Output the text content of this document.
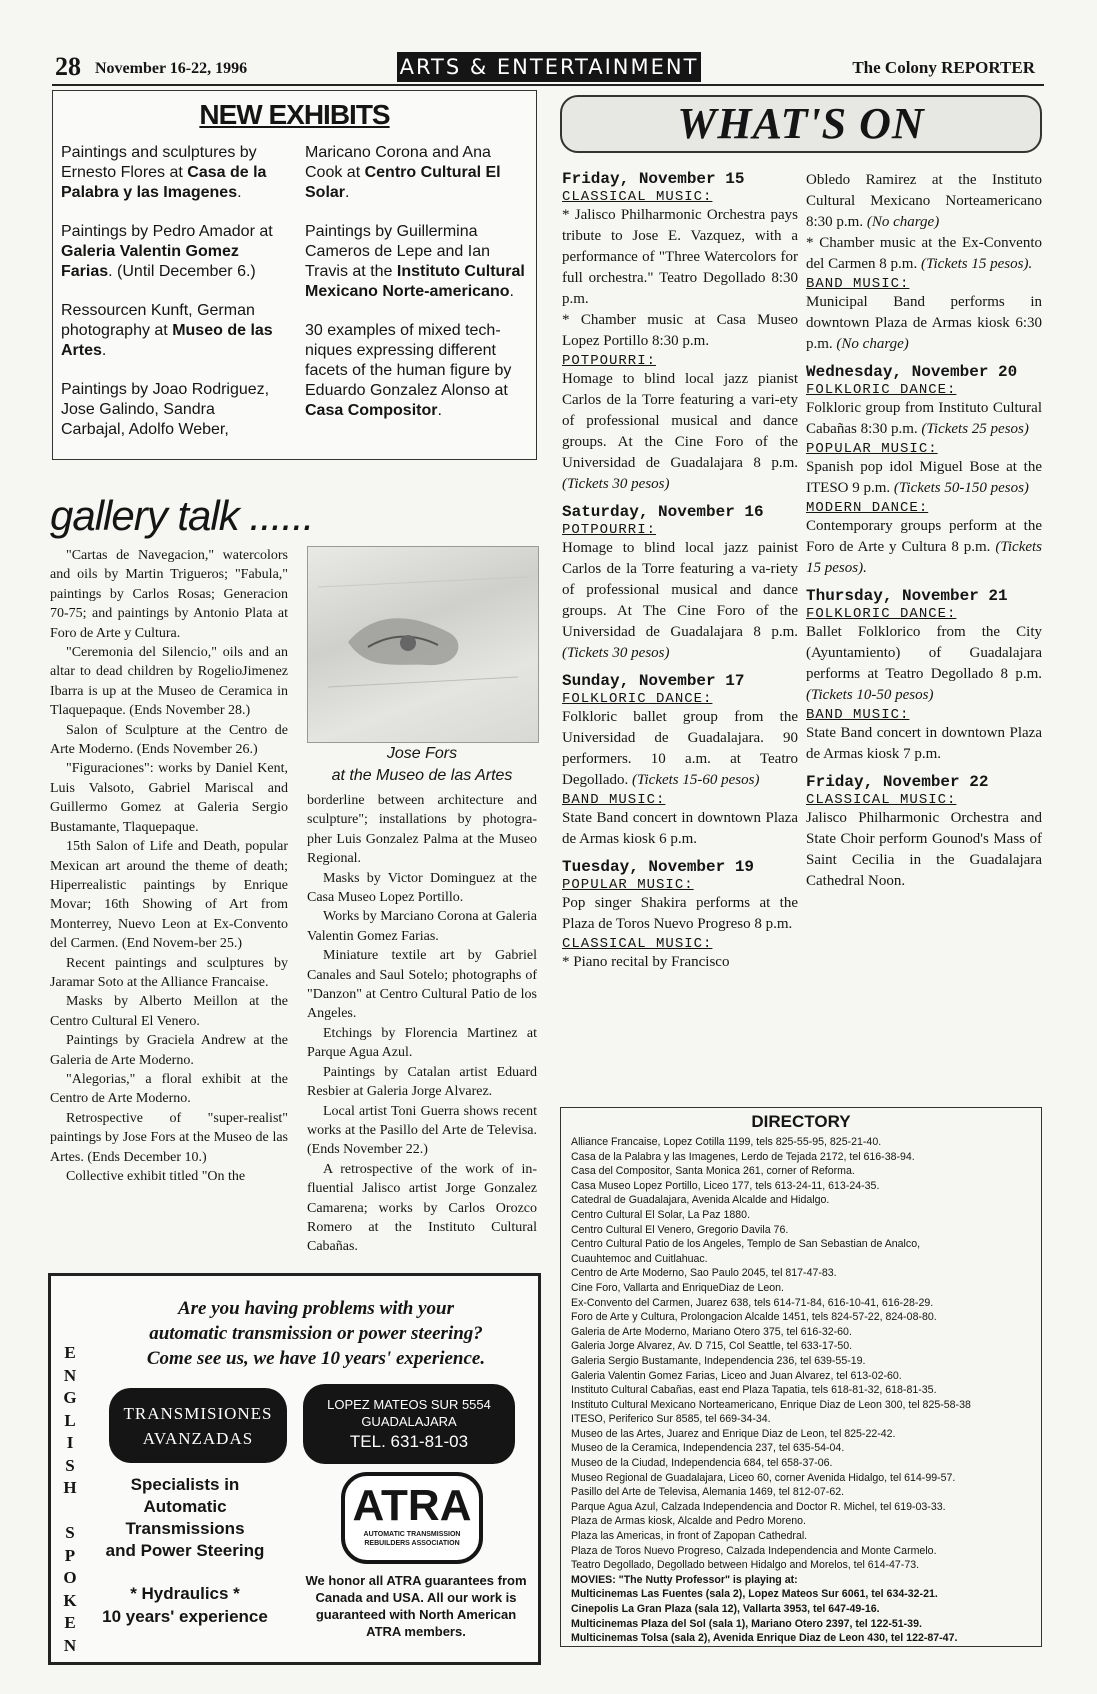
28 November 16-22, 1996	ARTS & ENTERTAINMENT	The Colony REPORTER
NEW EXHIBITS

Paintings and sculptures by Ernesto Flores at Casa de la Palabra y las Imagenes.

Paintings by Pedro Amador at Galeria Valentin Gomez Farias. (Until December 6.)

Ressourcen Kunft, German photography at Museo de las Artes.

Paintings by Joao Rodriguez, Jose Galindo, Sandra Carbajal, Adolfo Weber,

Maricano Corona and Ana Cook at Centro Cultural El Solar.

Paintings by Guillermina Cameros de Lepe and Ian Travis at the Instituto Cultural Mexicano Norte-americano.

30 examples of mixed tech-niques expressing different facets of the human figure by Eduardo Gonzalez Alonso at Casa Compositor.

WHAT'S ON
Friday, November 15
CLASSICAL MUSIC:
* Jalisco Philharmonic Orchestra pays tribute to Jose E. Vazquez, with a performance of "Three Watercolors for full orchestra." Teatro Degollado 8:30 p.m.
* Chamber music at Casa Museo Lopez Portillo 8:30 p.m.
POTPOURRI:
Homage to blind local jazz pianist Carlos de la Torre featuring a vari-ety of professional musical and dance groups. At the Cine Foro of the Universidad de Guadalajara 8 p.m. (Tickets 30 pesos)
Saturday, November 16
POTPOURRI:
Homage to blind local jazz painist Carlos de la Torre featuring a va-riety of professional musical and dance groups. At The Cine Foro of the Universidad de Guadalajara 8 p.m. (Tickets 30 pesos)
Sunday, November 17
FOLKLORIC DANCE:
Folkloric ballet group from the Universidad de Guadalajara. 90 performers. 10 a.m. at Teatro Degollado. (Tickets 15-60 pesos)
BAND MUSIC:
State Band concert in downtown Plaza de Armas kiosk 6 p.m.
Tuesday, November 19
POPULAR MUSIC:
Pop singer Shakira performs at the Plaza de Toros Nuevo Progreso 8 p.m.
CLASSICAL MUSIC:
* Piano recital by Francisco
Obledo Ramirez at the Instituto Cultural Mexicano Norteamericano 8:30 p.m. (No charge)
* Chamber music at the Ex-Convento del Carmen 8 p.m. (Tickets 15 pesos).
BAND MUSIC:
Municipal Band performs in downtown Plaza de Armas kiosk 6:30 p.m. (No charge)
Wednesday, November 20
FOLKLORIC DANCE:
Folkloric group from Instituto Cultural Cabañas 8:30 p.m. (Tickets 25 pesos)
POPULAR MUSIC:
Spanish pop idol Miguel Bose at the ITESO 9 p.m. (Tickets 50-150 pesos)
MODERN DANCE:
Contemporary groups perform at the Foro de Arte y Cultura 8 p.m. (Tickets 15 pesos).
Thursday, November 21
FOLKLORIC DANCE:
Ballet Folklorico from the City (Ayuntamiento) of Guadalajara performs at Teatro Degollado 8 p.m. (Tickets 10-50 pesos)
BAND MUSIC:
State Band concert in downtown Plaza de Armas kiosk 7 p.m.
Friday, November 22
CLASSICAL MUSIC:
Jalisco Philharmonic Orchestra and State Choir perform Gounod's Mass of Saint Cecilia in the Guadalajara Cathedral Noon.
gallery talk ......

"Cartas de Navegacion," watercolors and oils by Martin Trigueros; "Fabula," paintings by Carlos Rosas; Generacion 70-75; and paintings by Antonio Plata at Foro de Arte y Cultura.

"Ceremonia del Silencio," oils and an altar to dead children by RogelioJimenez Ibarra is up at the Museo de Ceramica in Tlaquepaque. (Ends November 28.)

Salon of Sculpture at the Centro de Arte Moderno. (Ends November 26.)

"Figuraciones": works by Daniel Kent, Luis Valsoto, Gabriel Mariscal and Guillermo Gomez at Galeria Sergio Bustamante, Tlaquepaque.

15th Salon of Life and Death, popular Mexican art around the theme of death; Hiperrealistic paintings by Enrique Movar; 16th Showing of Art from Monterrey, Nuevo Leon at Ex-Convento del Carmen. (End Novem-ber 25.)

Recent paintings and sculptures by Jaramar Soto at the Alliance Francaise.

Masks by Alberto Meillon at the Centro Cultural El Venero.

Paintings by Graciela Andrew at the Galeria de Arte Moderno.

"Alegorias," a floral exhibit at the Centro de Arte Moderno.

Retrospective of "super-realist" paintings by Jose Fors at the Museo de las Artes. (Ends December 10.)

Collective exhibit titled "On the

Jose Fors
at the Museo de las Artes

borderline between architecture and sculpture"; installations by photogra-pher Luis Gonzalez Palma at the Museo Regional.

Masks by Victor Dominguez at the Casa Museo Lopez Portillo.

Works by Marciano Corona at Galeria Valentin Gomez Farias.

Miniature textile art by Gabriel Canales and Saul Sotelo; photographs of "Danzon" at Centro Cultural Patio de los Angeles.

Etchings by Florencia Martinez at Parque Agua Azul.

Paintings by Catalan artist Eduard Resbier at Galeria Jorge Alvarez.

Local artist Toni Guerra shows recent works at the Pasillo del Arte de Televisa. (Ends November 22.)

A retrospective of the work of in-fluential Jalisco artist Jorge Gonzalez Camarena; works by Carlos Orozco Romero at the Instituto Cultural Cabañas.

Are you having problems with your
automatic transmission or power steering?
Come see us, we have 10 years' experience.
E
N
G
L
I
S
H
S
P
O
K
E
N
TRANSMISIONES
AVANZADAS
LOPEZ MATEOS SUR 5554
GUADALAJARA
TEL. 631-81-03
Specialists in
Automatic
Transmissions
and Power Steering
ATRA
AUTOMATIC TRANSMISSION
REBUILDERS ASSOCIATION
* Hydraulics *
10 years' experience
We honor all ATRA guarantees from Canada and USA. All our work is guaranteed with North American ATRA members.
DIRECTORY
Alliance Francaise, Lopez Cotilla 1199, tels 825-55-95, 825-21-40.
Casa de la Palabra y las Imagenes, Lerdo de Tejada 2172, tel 616-38-94.
Casa del Compositor, Santa Monica 261, corner of Reforma.
Casa Museo Lopez Portillo, Liceo 177, tels 613-24-11, 613-24-35.
Catedral de Guadalajara, Avenida Alcalde and Hidalgo.
Centro Cultural El Solar, La Paz 1880.
Centro Cultural El Venero, Gregorio Davila 76.
Centro Cultural Patio de los Angeles, Templo de San Sebastian de Analco,
Cuauhtemoc and Cuitlahuac.
Centro de Arte Moderno, Sao Paulo 2045, tel 817-47-83.
Cine Foro, Vallarta and EnriqueDiaz de Leon.
Ex-Convento del Carmen, Juarez 638, tels 614-71-84, 616-10-41, 616-28-29.
Foro de Arte y Cultura, Prolongacion Alcalde 1451, tels 824-57-22, 824-08-80.
Galeria de Arte Moderno, Mariano Otero 375, tel 616-32-60.
Galeria Jorge Alvarez, Av. D 715, Col Seattle, tel 633-17-50.
Galeria Sergio Bustamante, Independencia 236, tel 639-55-19.
Galeria Valentin Gomez Farias, Liceo and Juan Alvarez, tel 613-02-60.
Instituto Cultural Cabañas, east end Plaza Tapatia, tels 618-81-32, 618-81-35.
Instituto Cultural Mexicano Norteamericano, Enrique Diaz de Leon 300, tel 825-58-38
ITESO, Periferico Sur 8585, tel 669-34-34.
Museo de las Artes, Juarez and Enrique Diaz de Leon, tel 825-22-42.
Museo de la Ceramica, Independencia 237, tel 635-54-04.
Museo de la Ciudad, Independencia 684, tel 658-37-06.
Museo Regional de Guadalajara, Liceo 60, corner Avenida Hidalgo, tel 614-99-57.
Pasillo del Arte de Televisa, Alemania 1469, tel 812-07-62.
Parque Agua Azul, Calzada Independencia and Doctor R. Michel, tel 619-03-33.
Plaza de Armas kiosk, Alcalde and Pedro Moreno.
Plaza las Americas, in front of Zapopan Cathedral.
Plaza de Toros Nuevo Progreso, Calzada Independencia and Monte Carmelo.
Teatro Degollado, Degollado between Hidalgo and Morelos, tel 614-47-73.
MOVIES: "The Nutty Professor" is playing at:
Multicinemas Las Fuentes (sala 2), Lopez Mateos Sur 6061, tel 634-32-21.
Cinepolis La Gran Plaza (sala 12), Vallarta 3953, tel 647-49-16.
Multicinemas Plaza del Sol (sala 1), Mariano Otero 2397, tel 122-51-39.
Multicinemas Tolsa (sala 2), Avenida Enrique Diaz de Leon 430, tel 122-87-47.
